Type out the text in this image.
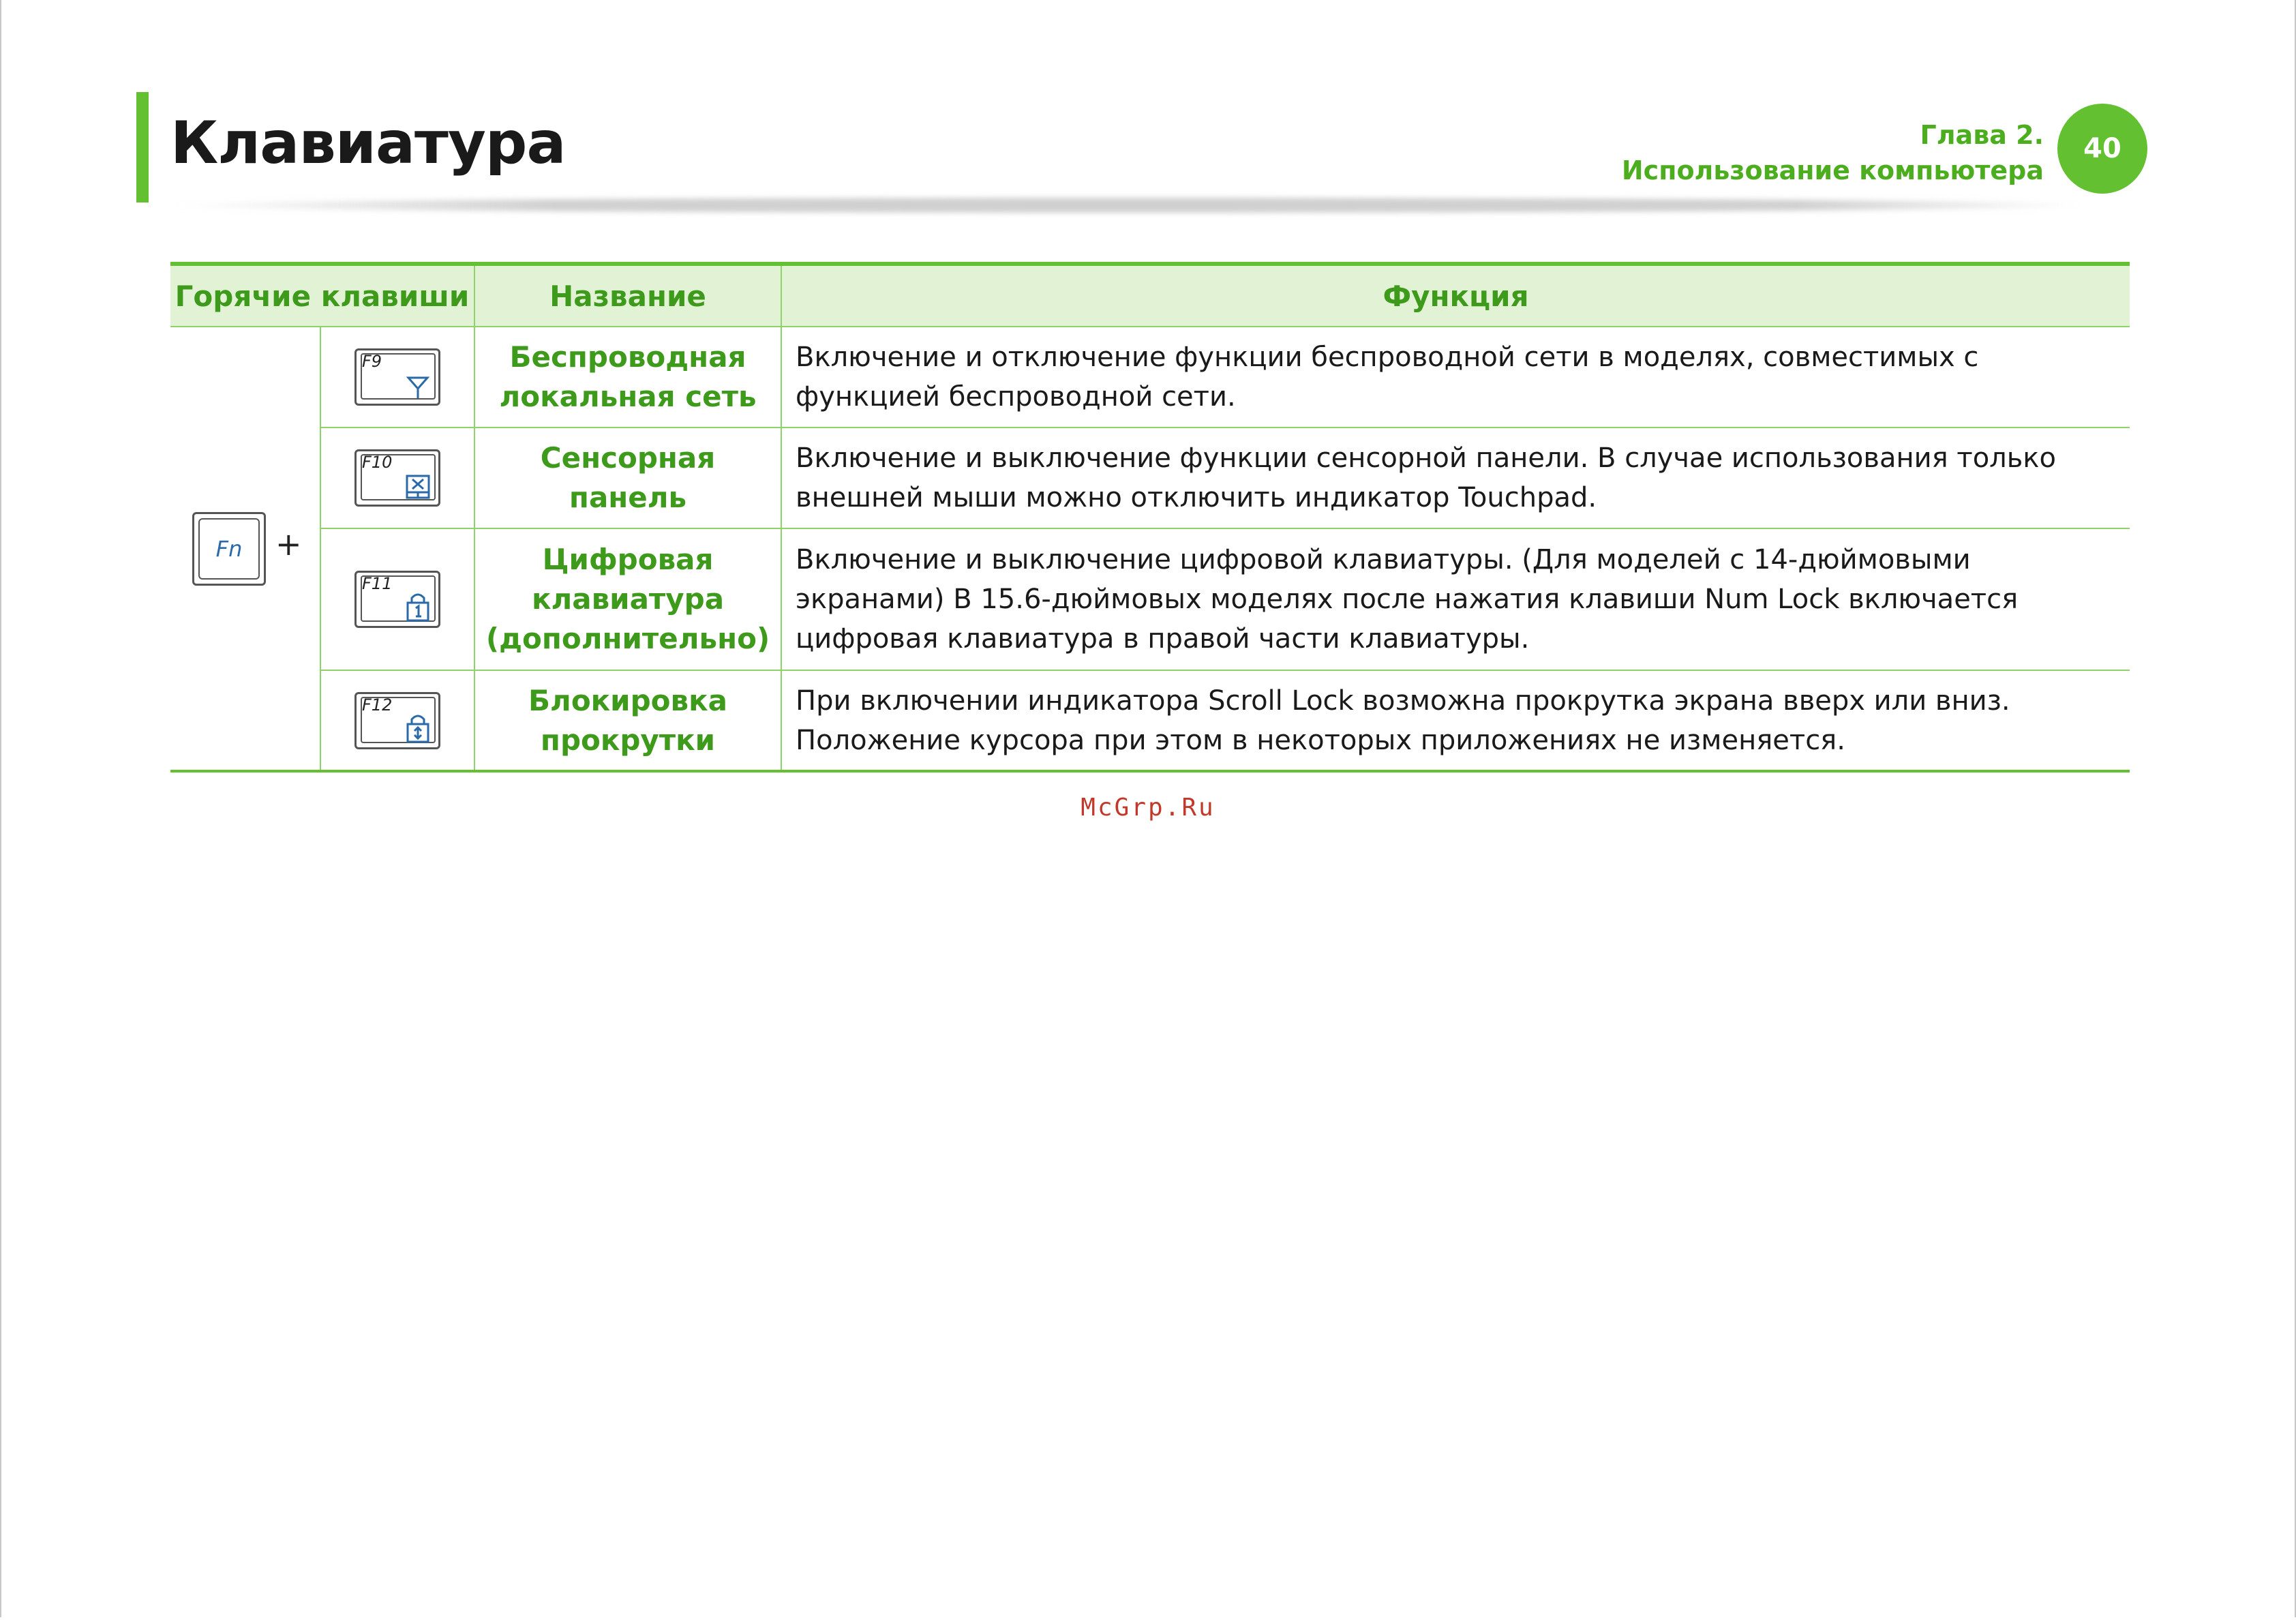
Клавиатура	Глава 2.
Использование компьютера
40
Горячие клавиши		Название	Функция

Fn +	F9	Беспроводная локальная сеть	Включение и отключение функции беспроводной сети в моделях, совместимых с функцией беспроводной сети.

	F10	Сенсорная панель	Включение и выключение функции сенсорной панели. В случае использования только внешней мыши можно отключить индикатор Touchpad.

	F11	Цифровая клавиатура (дополнительно)	Включение и выключение цифровой клавиатуры. (Для моделей с 14-дюймовыми экранами) В 15.6-дюймовых моделях после нажатия клавиши Num Lock включается цифровая клавиатура в правой части клавиатуры.

	F12	Блокировка прокрутки	При включении индикатора Scroll Lock возможна прокрутка экрана вверх или вниз. Положение курсора при этом в некоторых приложениях не изменяется.
McGrp.Ru
